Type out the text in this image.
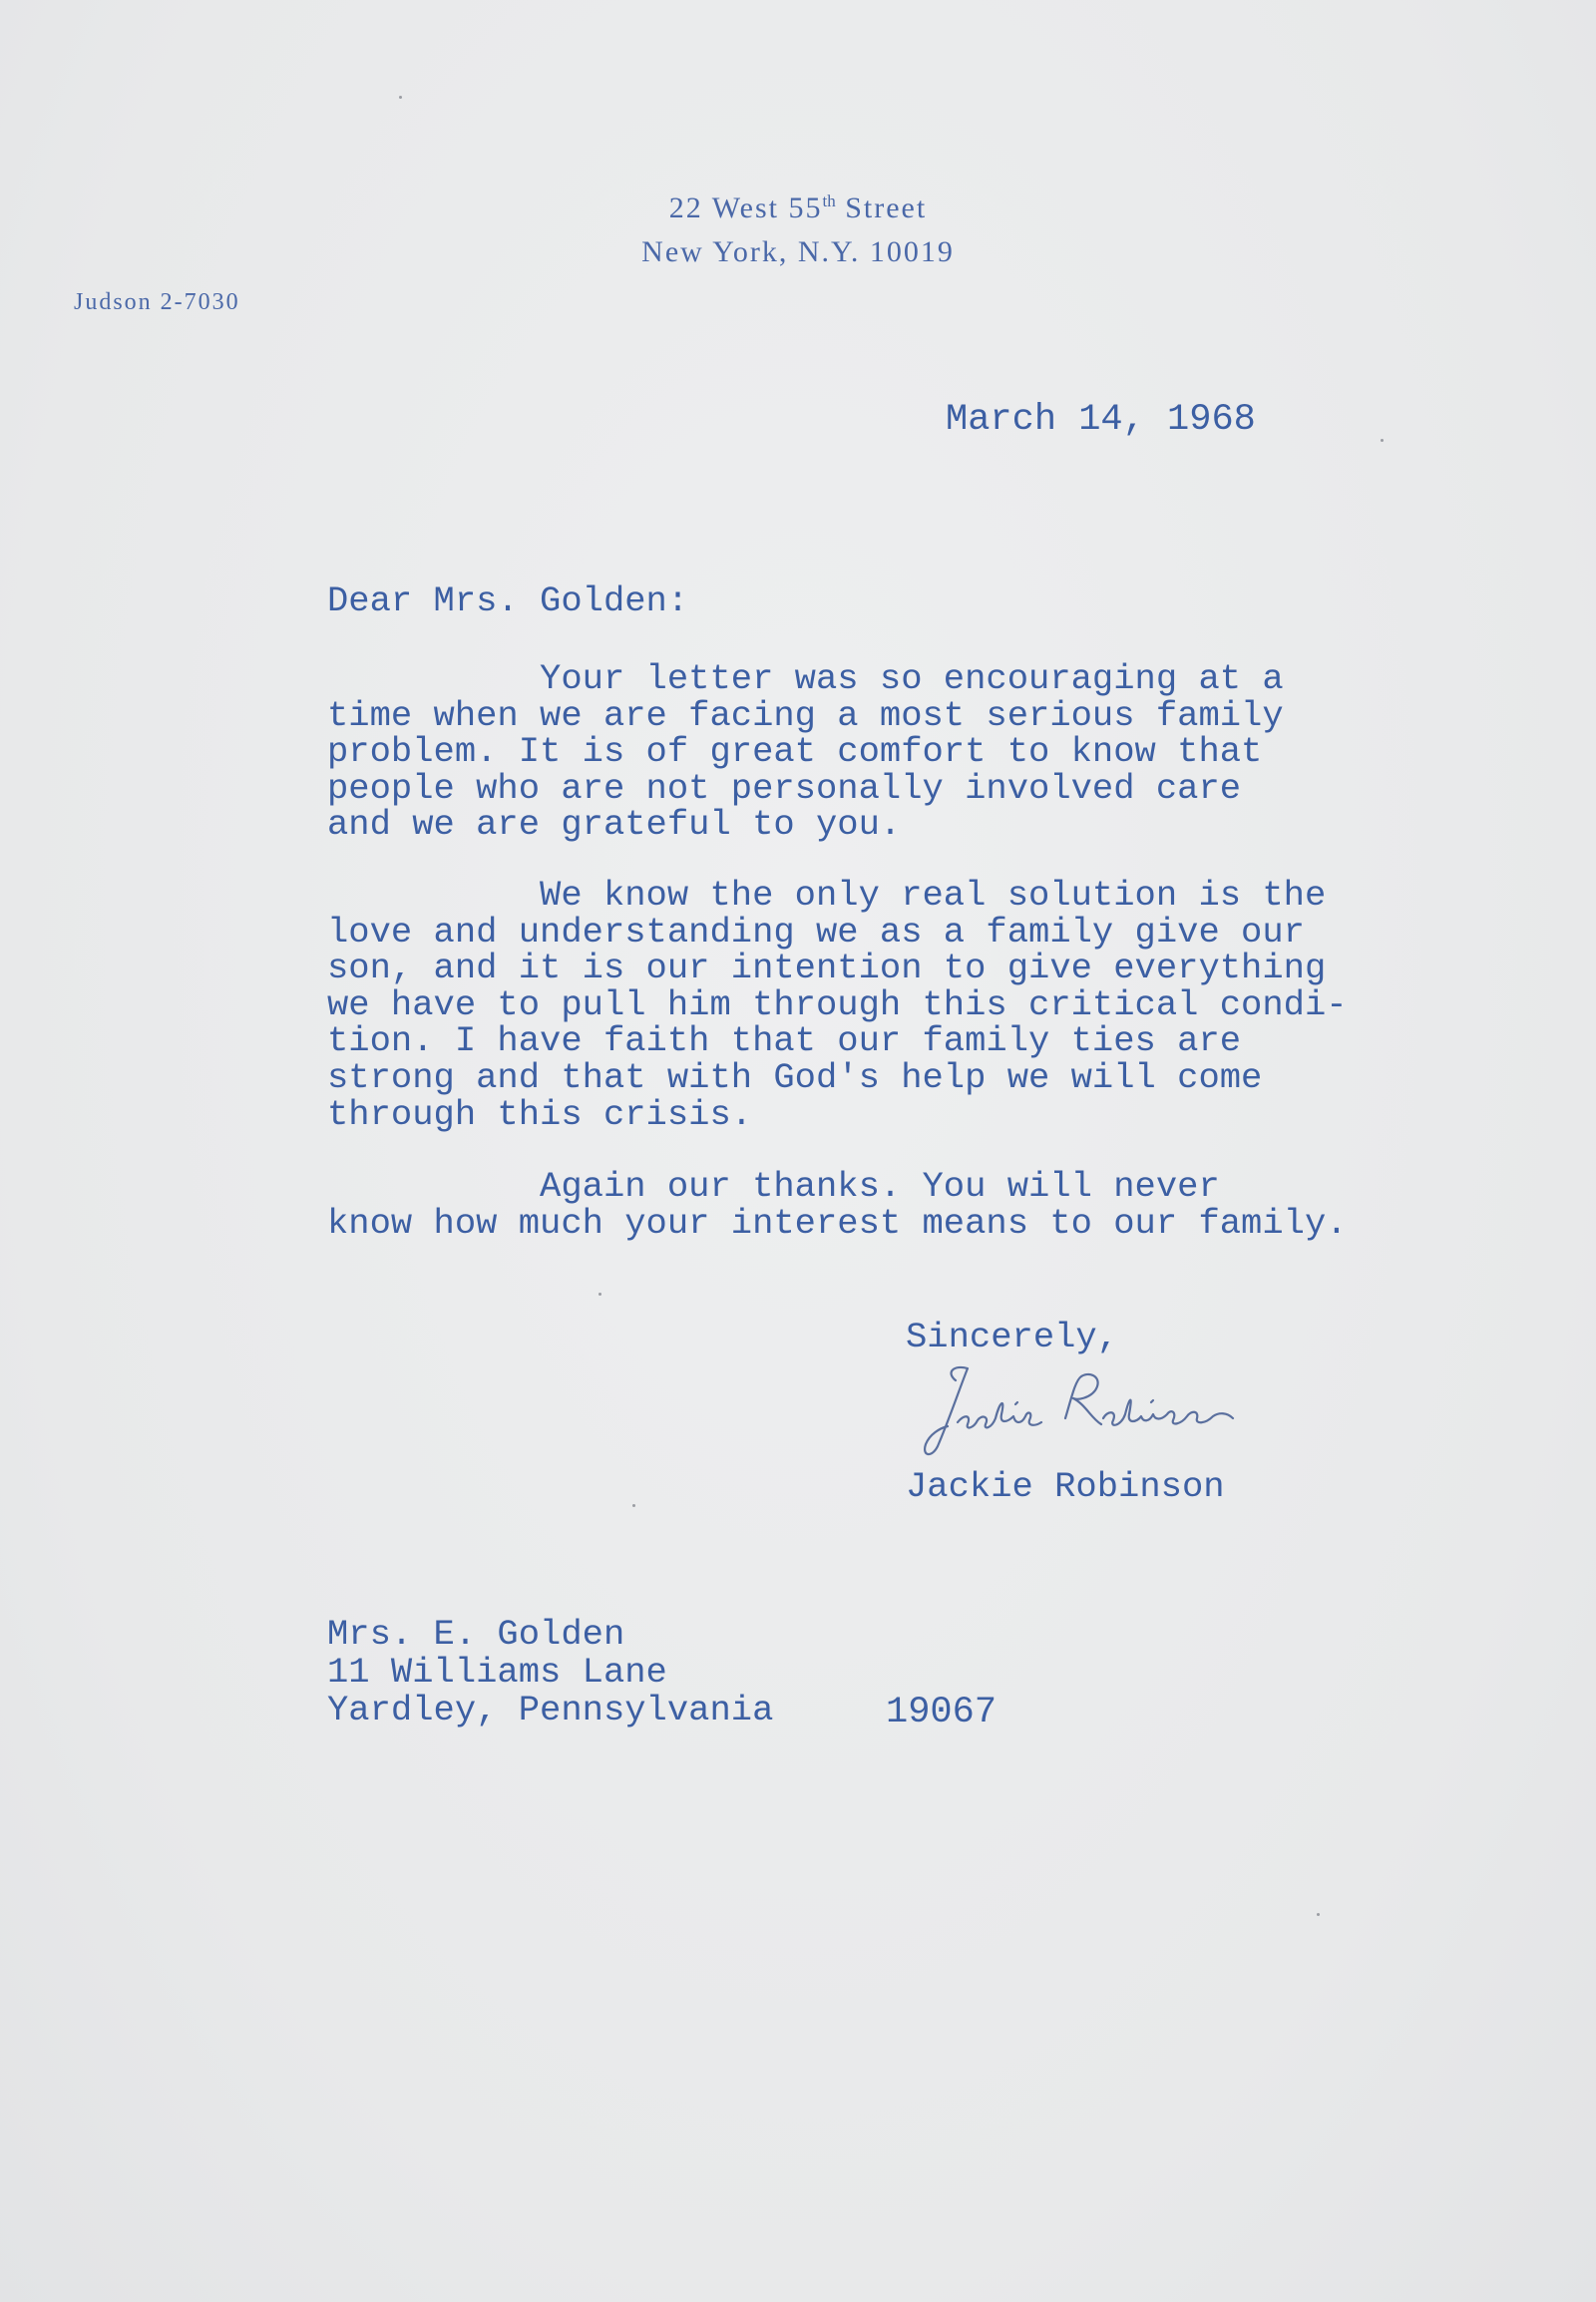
22 West 55th Street
New York, N.Y. 10019
Judson 2-7030
March 14, 1968
Dear Mrs. Golden:
Your letter was so encouraging at a
time when we are facing a most serious family
problem. It is of great comfort to know that
people who are not personally involved care
and we are grateful to you.
We know the only real solution is the
love and understanding we as a family give our
son, and it is our intention to give everything
we have to pull him through this critical condi-
tion. I have faith that our family ties are
strong and that with God's help we will come
through this crisis.
Again our thanks. You will never
know how much your interest means to our family.
Sincerely,
Jackie Robinson
Mrs. E. Golden
11 Williams Lane
Yardley, Pennsylvania	19067
